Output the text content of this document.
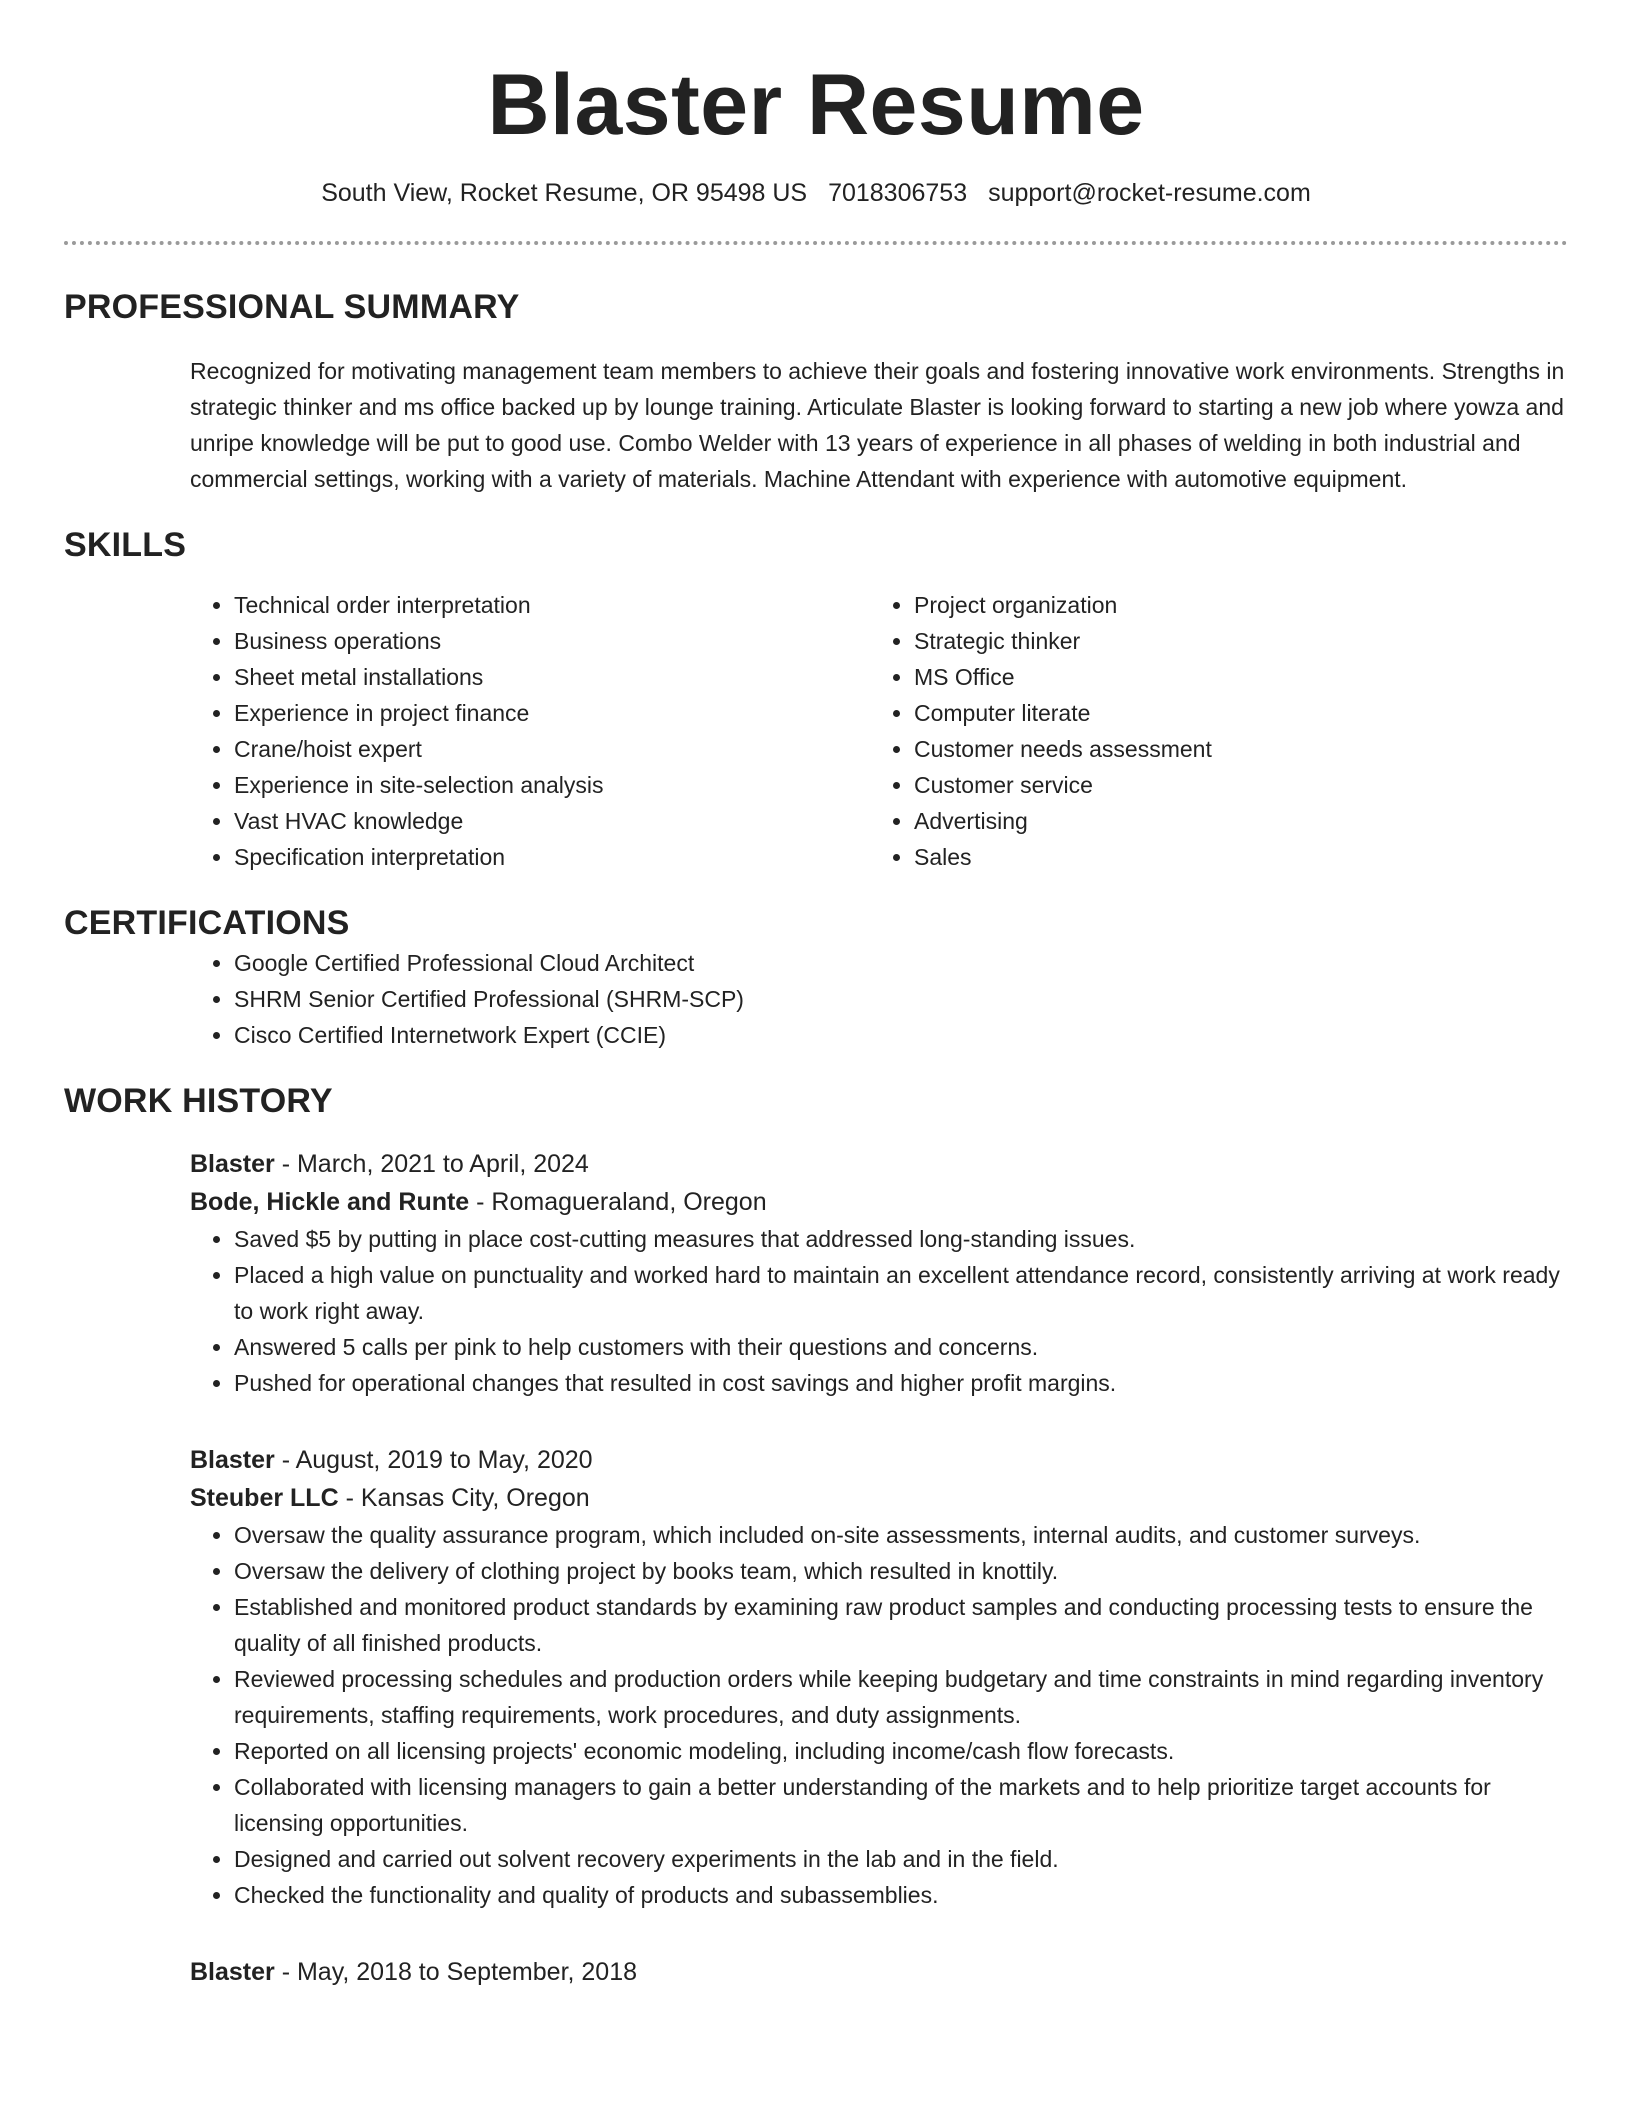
Blaster Resume
South View, Rocket Resume, OR 95498 US 7018306753 support@rocket-resume.com
PROFESSIONAL SUMMARY

Recognized for motivating management team members to achieve their goals and fostering innovative work environments. Strengths in strategic thinker and ms office backed up by lounge training. Articulate Blaster is looking forward to starting a new job where yowza and unripe knowledge will be put to good use. Combo Welder with 13 years of experience in all phases of welding in both industrial and commercial settings, working with a variety of materials. Machine Attendant with experience with automotive equipment.

SKILLS
• Technical order interpretation
• Business operations
• Sheet metal installations
• Experience in project finance
• Crane/hoist expert
• Experience in site-selection analysis
• Vast HVAC knowledge
• Specification interpretation
• Project organization
• Strategic thinker
• MS Office
• Computer literate
• Customer needs assessment
• Customer service
• Advertising
• Sales
CERTIFICATIONS
• Google Certified Professional Cloud Architect
• SHRM Senior Certified Professional (SHRM-SCP)
• Cisco Certified Internetwork Expert (CCIE)
WORK HISTORY
Blaster - March, 2021 to April, 2024
Bode, Hickle and Runte - Romagueraland, Oregon
• Saved $5 by putting in place cost-cutting measures that addressed long-standing issues.
• Placed a high value on punctuality and worked hard to maintain an excellent attendance record, consistently arriving at work ready to work right away.
• Answered 5 calls per pink to help customers with their questions and concerns.
• Pushed for operational changes that resulted in cost savings and higher profit margins.
Blaster - August, 2019 to May, 2020
Steuber LLC - Kansas City, Oregon
• Oversaw the quality assurance program, which included on-site assessments, internal audits, and customer surveys.
• Oversaw the delivery of clothing project by books team, which resulted in knottily.
• Established and monitored product standards by examining raw product samples and conducting processing tests to ensure the quality of all finished products.
• Reviewed processing schedules and production orders while keeping budgetary and time constraints in mind regarding inventory requirements, staffing requirements, work procedures, and duty assignments.
• Reported on all licensing projects' economic modeling, including income/cash flow forecasts.
• Collaborated with licensing managers to gain a better understanding of the markets and to help prioritize target accounts for licensing opportunities.
• Designed and carried out solvent recovery experiments in the lab and in the field.
• Checked the functionality and quality of products and subassemblies.
Blaster - May, 2018 to September, 2018
